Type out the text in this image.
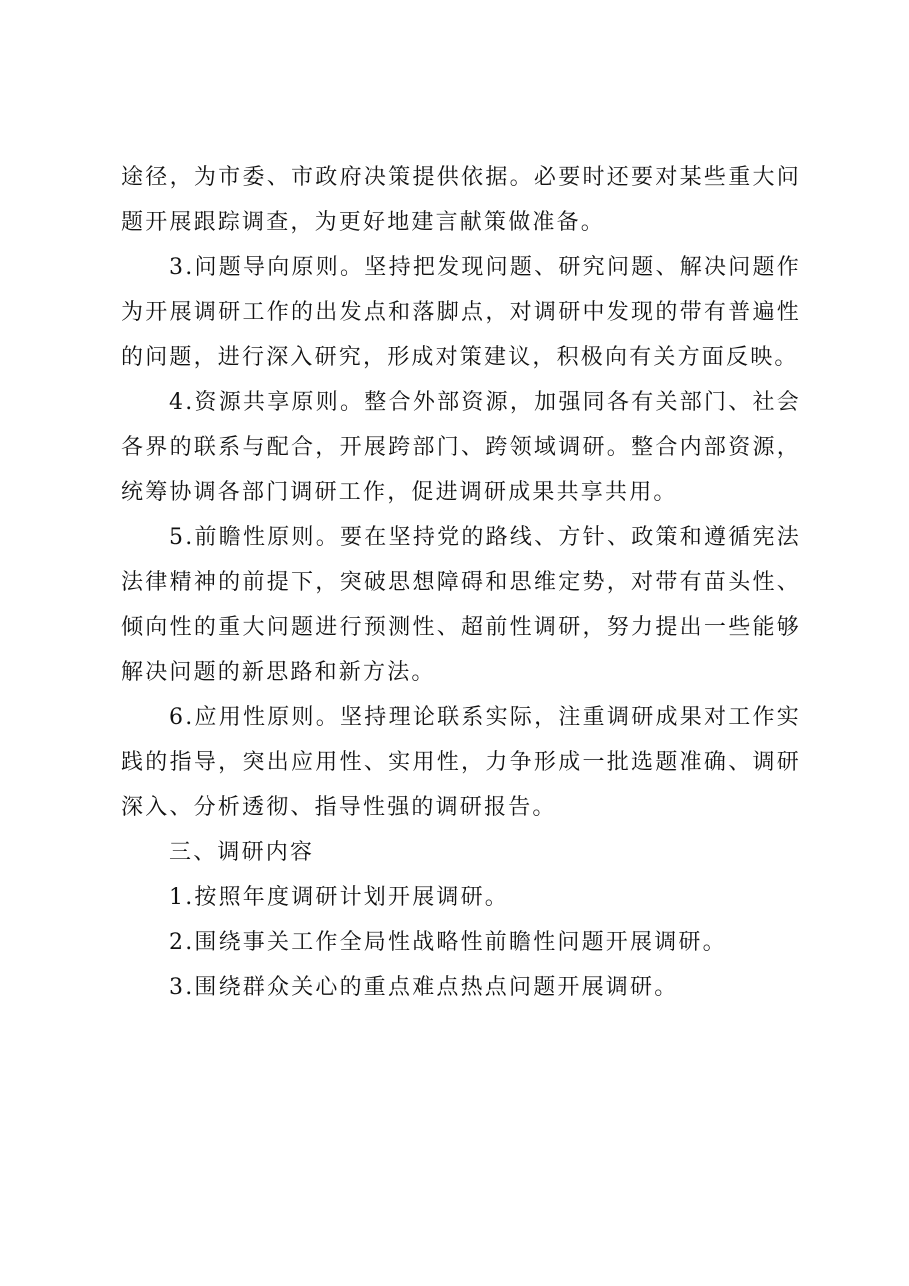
途径，为市委、市政府决策提供依据。必要时还要对某些重大问题开展跟踪调查，为更好地建言献策做准备。

3.问题导向原则。坚持把发现问题、研究问题、解决问题作为开展调研工作的出发点和落脚点，对调研中发现的带有普遍性的问题，进行深入研究，形成对策建议，积极向有关方面反映。

4.资源共享原则。整合外部资源，加强同各有关部门、社会各界的联系与配合，开展跨部门、跨领域调研。整合内部资源，统筹协调各部门调研工作，促进调研成果共享共用。

5.前瞻性原则。要在坚持党的路线、方针、政策和遵循宪法法律精神的前提下，突破思想障碍和思维定势，对带有苗头性、倾向性的重大问题进行预测性、超前性调研，努力提出一些能够解决问题的新思路和新方法。

6.应用性原则。坚持理论联系实际，注重调研成果对工作实践的指导，突出应用性、实用性，力争形成一批选题准确、调研深入、分析透彻、指导性强的调研报告。

三、调研内容

1.按照年度调研计划开展调研。

2.围绕事关工作全局性战略性前瞻性问题开展调研。

3.围绕群众关心的重点难点热点问题开展调研。
